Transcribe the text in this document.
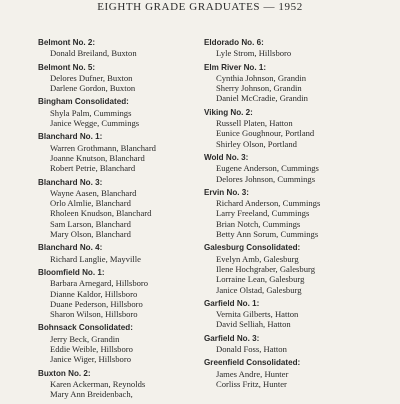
EIGHTH GRADE GRADUATES — 1952
Belmont No. 2:
Donald Breiland, Buxton
Belmont No. 5:
Delores Dufner, Buxton
Darlene Gordon, Buxton
Bingham Consolidated:
Shyla Palm, Cummings
Janice Wegge, Cummings
Blanchard No. 1:
Warren Grothmann, Blanchard
Joanne Knutson, Blanchard
Robert Petrie, Blanchard
Blanchard No. 3:
Wayne Aasen, Blanchard
Orlo Almlie, Blanchard
Rholeen Knudson, Blanchard
Sam Larson, Blanchard
Mary Olson, Blanchard
Blanchard No. 4:
Richard Langlie, Mayville
Bloomfield No. 1:
Barbara Arnegard, Hillsboro
Dianne Kaldor, Hillsboro
Duane Pederson, Hillsboro
Sharon Wilson, Hillsboro
Bohnsack Consolidated:
Jerry Beck, Grandin
Eddie Weible, Hillsboro
Janice Wiger, Hillsboro
Buxton No. 2:
Karen Ackerman, Reynolds
Mary Ann Breidenbach,
Eldorado No. 6:
Lyle Strom, Hillsboro
Elm River No. 1:
Cynthia Johnson, Grandin
Sherry Johnson, Grandin
Daniel McCradie, Grandin
Viking No. 2:
Russell Platen, Hatton
Eunice Goughnour, Portland
Shirley Olson, Portland
Wold No. 3:
Eugene Anderson, Cummings
Delores Johnson, Cummings
Ervin No. 3:
Richard Anderson, Cummings
Larry Freeland, Cummings
Brian Notch, Cummings
Betty Ann Sorum, Cummings
Galesburg Consolidated:
Evelyn Amb, Galesburg
Ilene Hochgraber, Galesburg
Lorraine Lean, Galesburg
Janice Olstad, Galesburg
Garfield No. 1:
Vernita Gilberts, Hatton
David Selliah, Hatton
Garfield No. 3:
Donald Foss, Hatton
Greenfield Consolidated:
James Andre, Hunter
Corliss Fritz, Hunter
